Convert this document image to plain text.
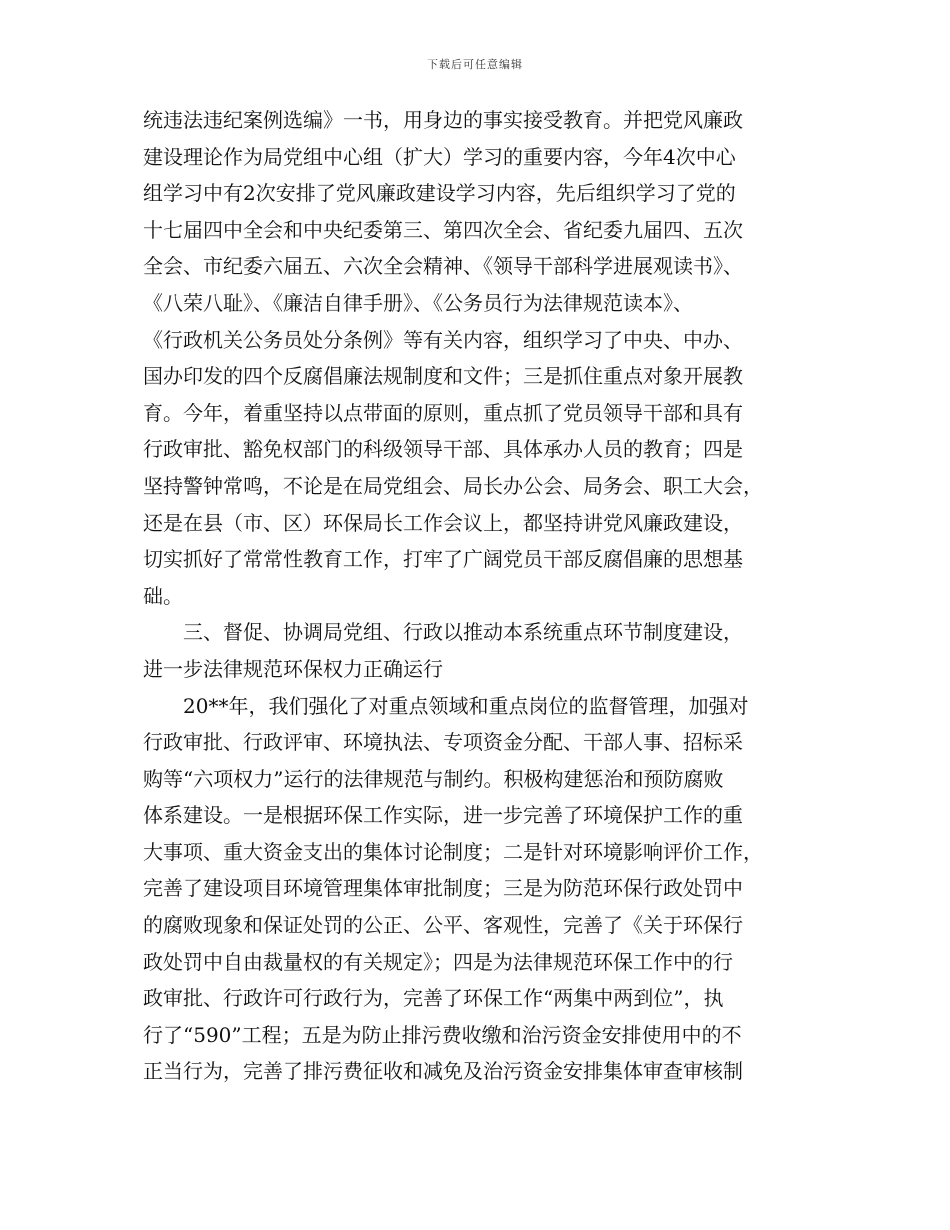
下载后可任意编辑
统违法违纪案例选编》一书，用身边的事实接受教育。并把党风廉政
建设理论作为局党组中心组（扩大）学习的重要内容，今年4次中心
组学习中有2次安排了党风廉政建设学习内容，先后组织学习了党的
十七届四中全会和中央纪委第三、第四次全会、省纪委九届四、五次
全会、市纪委六届五、六次全会精神、《领导干部科学进展观读书》、
《八荣八耻》、《廉洁自律手册》、《公务员行为法律规范读本》、
《行政机关公务员处分条例》等有关内容，组织学习了中央、中办、
国办印发的四个反腐倡廉法规制度和文件；三是抓住重点对象开展教
育。今年，着重坚持以点带面的原则，重点抓了党员领导干部和具有
行政审批、豁免权部门的科级领导干部、具体承办人员的教育；四是
坚持警钟常鸣，不论是在局党组会、局长办公会、局务会、职工大会，
还是在县（市、区）环保局长工作会议上，都坚持讲党风廉政建设，
切实抓好了常常性教育工作，打牢了广阔党员干部反腐倡廉的思想基
础。
三、督促、协调局党组、行政以推动本系统重点环节制度建设，
进一步法律规范环保权力正确运行
20**年，我们强化了对重点领域和重点岗位的监督管理，加强对
行政审批、行政评审、环境执法、专项资金分配、干部人事、招标采
购等“六项权力”运行的法律规范与制约。积极构建惩治和预防腐败
体系建设。一是根据环保工作实际，进一步完善了环境保护工作的重
大事项、重大资金支出的集体讨论制度；二是针对环境影响评价工作，
完善了建设项目环境管理集体审批制度；三是为防范环保行政处罚中
的腐败现象和保证处罚的公正、公平、客观性，完善了《关于环保行
政处罚中自由裁量权的有关规定》；四是为法律规范环保工作中的行
政审批、行政许可行政行为，完善了环保工作“两集中两到位”，执
行了“590”工程；五是为防止排污费收缴和治污资金安排使用中的不
正当行为，完善了排污费征收和减免及治污资金安排集体审查审核制
